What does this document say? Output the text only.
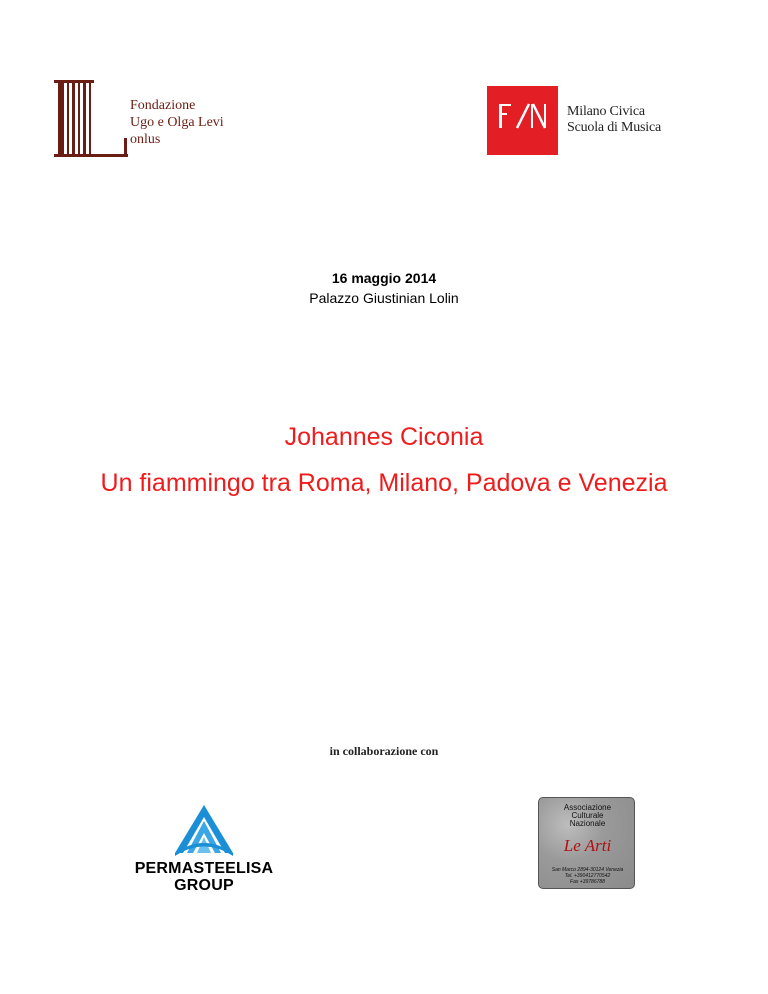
Fondazione
Ugo e Olga Levi
onlus
Milano Civica
Scuola di Musica
16 maggio 2014
Palazzo Giustinian Lolin
Johannes Ciconia
Un fiammingo tra Roma, Milano, Padova e Venezia
in collaborazione con
PERMASTEELISA
GROUP
Associazione
Culturale
Nazionale
Le Arti
San Marco 2894-30124 Venezia
Tel. +390412770542
Fax +39786788
